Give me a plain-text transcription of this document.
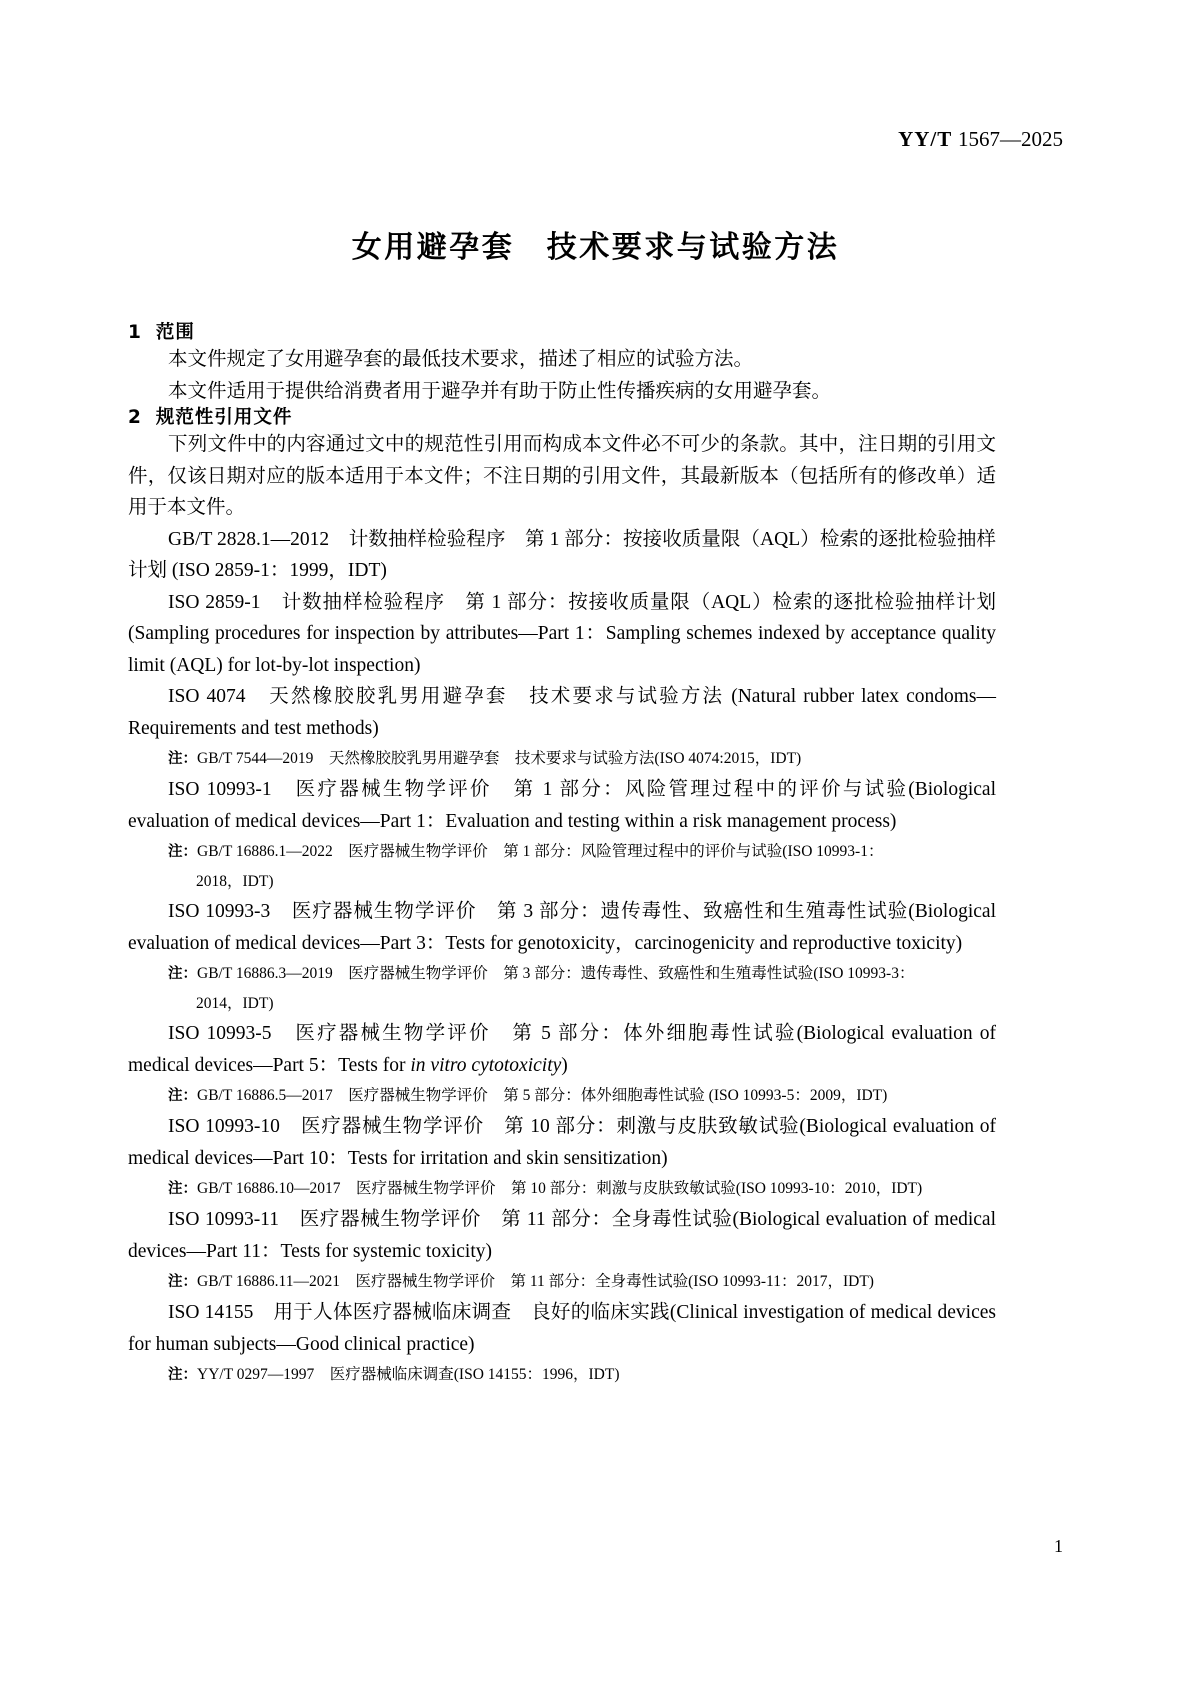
YY/T 1567—2025
女用避孕套　技术要求与试验方法
1 范围

本文件规定了女用避孕套的最低技术要求，描述了相应的试验方法。

本文件适用于提供给消费者用于避孕并有助于防止性传播疾病的女用避孕套。

2 规范性引用文件

下列文件中的内容通过文中的规范性引用而构成本文件必不可少的条款。其中，注日期的引用文件，仅该日期对应的版本适用于本文件；不注日期的引用文件，其最新版本（包括所有的修改单）适用于本文件。

GB/T 2828.1—2012　计数抽样检验程序　第 1 部分：按接收质量限（AQL）检索的逐批检验抽样计划 (ISO 2859-1：1999，IDT)

ISO 2859-1　计数抽样检验程序　第 1 部分：按接收质量限（AQL）检索的逐批检验抽样计划 (Sampling procedures for inspection by attributes—Part 1：Sampling schemes indexed by acceptance quality limit (AQL) for lot-by-lot inspection)

ISO 4074　天然橡胶胶乳男用避孕套　技术要求与试验方法 (Natural rubber latex condoms—Requirements and test methods)

注：GB/T 7544—2019　天然橡胶胶乳男用避孕套　技术要求与试验方法(ISO 4074:2015，IDT)

ISO 10993-1　医疗器械生物学评价　第 1 部分：风险管理过程中的评价与试验(Biological evaluation of medical devices—Part 1：Evaluation and testing within a risk management process)

注：GB/T 16886.1—2022　医疗器械生物学评价　第 1 部分：风险管理过程中的评价与试验(ISO 10993-1：
2018，IDT)

ISO 10993-3　医疗器械生物学评价　第 3 部分：遗传毒性、致癌性和生殖毒性试验(Biological evaluation of medical devices—Part 3：Tests for genotoxicity，carcinogenicity and reproductive toxicity)

注：GB/T 16886.3—2019　医疗器械生物学评价　第 3 部分：遗传毒性、致癌性和生殖毒性试验(ISO 10993-3：
2014，IDT)

ISO 10993-5　医疗器械生物学评价　第 5 部分：体外细胞毒性试验(Biological evaluation of medical devices—Part 5：Tests for in vitro cytotoxicity)

注：GB/T 16886.5—2017　医疗器械生物学评价　第 5 部分：体外细胞毒性试验 (ISO 10993-5：2009，IDT)

ISO 10993-10　医疗器械生物学评价　第 10 部分：刺激与皮肤致敏试验(Biological evaluation of medical devices—Part 10：Tests for irritation and skin sensitization)

注：GB/T 16886.10—2017　医疗器械生物学评价　第 10 部分：刺激与皮肤致敏试验(ISO 10993-10：2010，IDT)

ISO 10993-11　医疗器械生物学评价　第 11 部分：全身毒性试验(Biological evaluation of medical devices—Part 11：Tests for systemic toxicity)

注：GB/T 16886.11—2021　医疗器械生物学评价　第 11 部分：全身毒性试验(ISO 10993-11：2017，IDT)

ISO 14155　用于人体医疗器械临床调查　良好的临床实践(Clinical investigation of medical devices for human subjects—Good clinical practice)

注：YY/T 0297—1997　医疗器械临床调查(ISO 14155：1996，IDT)

1
